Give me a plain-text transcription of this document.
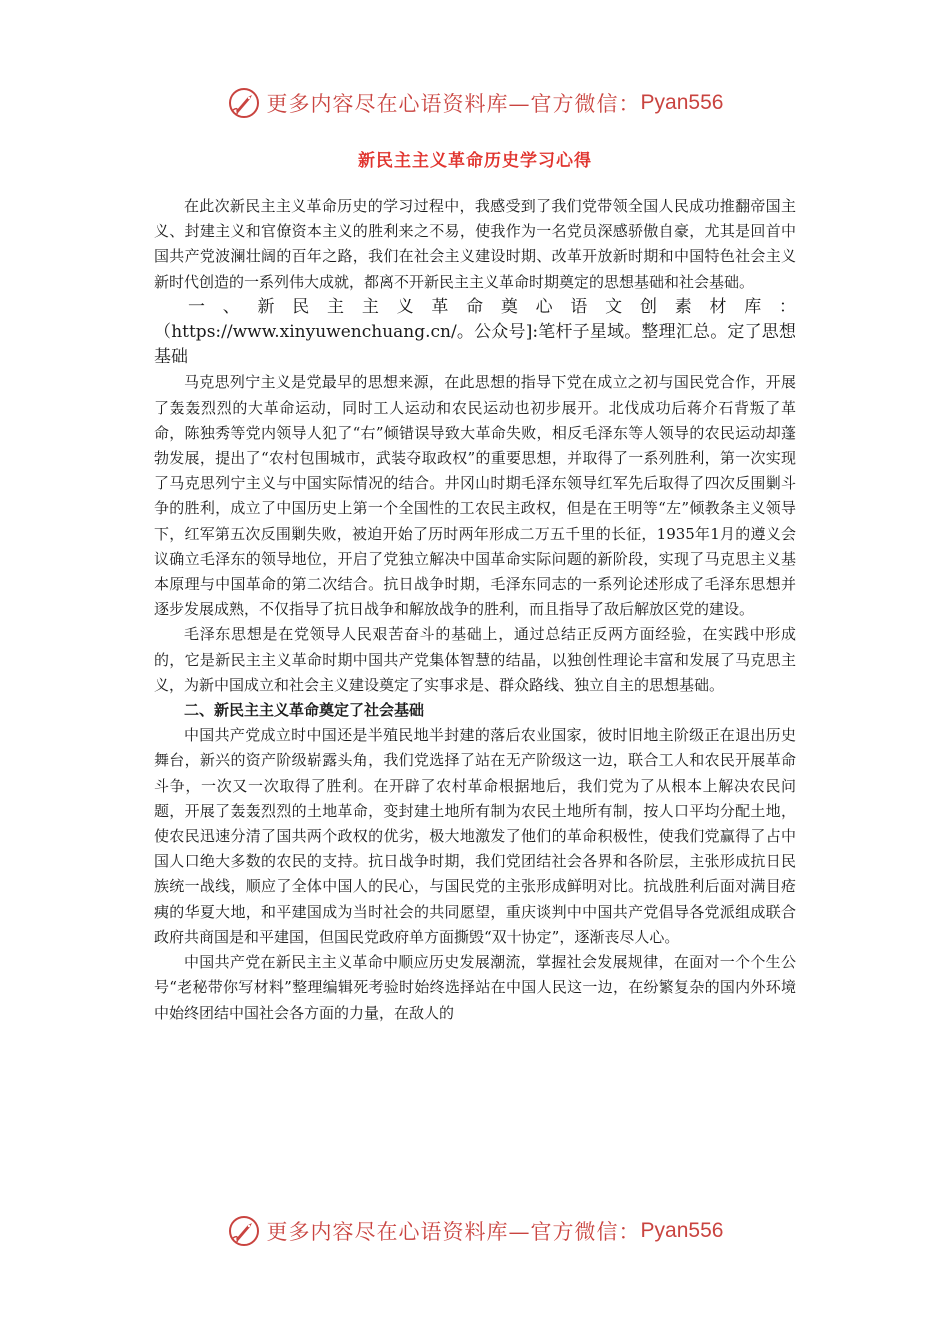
更多内容尽在心语资料库—官方微信： Pyan556
新民主主义革命历史学习心得

在此次新民主主义革命历史的学习过程中，我感受到了我们党带领全国人民成功推翻帝国主义、封建主义和官僚资本主义的胜利来之不易，使我作为一名党员深感骄傲自豪，尤其是回首中国共产党波澜壮阔的百年之路，我们在社会主义建设时期、改革开放新时期和中国特色社会主义新时代创造的一系列伟大成就，都离不开新民主主义革命时期奠定的思想基础和社会基础。

一、新民主主义革命奠心语文创素材库：（https://www.xinyuwenchuang.cn/。公众号]:笔杆子星域。整理汇总。定了思想基础

马克思列宁主义是党最早的思想来源，在此思想的指导下党在成立之初与国民党合作，开展了轰轰烈烈的大革命运动，同时工人运动和农民运动也初步展开。北伐成功后蒋介石背叛了革命，陈独秀等党内领导人犯了“右”倾错误导致大革命失败，相反毛泽东等人领导的农民运动却蓬勃发展，提出了“农村包围城市，武装夺取政权”的重要思想，并取得了一系列胜利，第一次实现了马克思列宁主义与中国实际情况的结合。井冈山时期毛泽东领导红军先后取得了四次反围剿斗争的胜利，成立了中国历史上第一个全国性的工农民主政权，但是在王明等“左”倾教条主义领导下，红军第五次反围剿失败，被迫开始了历时两年形成二万五千里的长征，1935年1月的遵义会议确立毛泽东的领导地位，开启了党独立解决中国革命实际问题的新阶段，实现了马克思主义基本原理与中国革命的第二次结合。抗日战争时期，毛泽东同志的一系列论述形成了毛泽东思想并逐步发展成熟，不仅指导了抗日战争和解放战争的胜利，而且指导了敌后解放区党的建设。

毛泽东思想是在党领导人民艰苦奋斗的基础上，通过总结正反两方面经验，在实践中形成的，它是新民主主义革命时期中国共产党集体智慧的结晶，以独创性理论丰富和发展了马克思主义，为新中国成立和社会主义建设奠定了实事求是、群众路线、独立自主的思想基础。

二、新民主主义革命奠定了社会基础

中国共产党成立时中国还是半殖民地半封建的落后农业国家，彼时旧地主阶级正在退出历史舞台，新兴的资产阶级崭露头角，我们党选择了站在无产阶级这一边，联合工人和农民开展革命斗争，一次又一次取得了胜利。在开辟了农村革命根据地后，我们党为了从根本上解决农民问题，开展了轰轰烈烈的土地革命，变封建土地所有制为农民土地所有制，按人口平均分配土地，使农民迅速分清了国共两个政权的优劣，极大地激发了他们的革命积极性，使我们党赢得了占中国人口绝大多数的农民的支持。抗日战争时期，我们党团结社会各界和各阶层，主张形成抗日民族统一战线，顺应了全体中国人的民心，与国民党的主张形成鲜明对比。抗战胜利后面对满目疮痍的华夏大地，和平建国成为当时社会的共同愿望，重庆谈判中中国共产党倡导各党派组成联合政府共商国是和平建国，但国民党政府单方面撕毁“双十协定”，逐渐丧尽人心。

中国共产党在新民主主义革命中顺应历史发展潮流，掌握社会发展规律，在面对一个个生公号“老秘带你写材料”整理编辑死考验时始终选择站在中国人民这一边，在纷繁复杂的国内外环境中始终团结中国社会各方面的力量，在敌人的

更多内容尽在心语资料库—官方微信： Pyan556
